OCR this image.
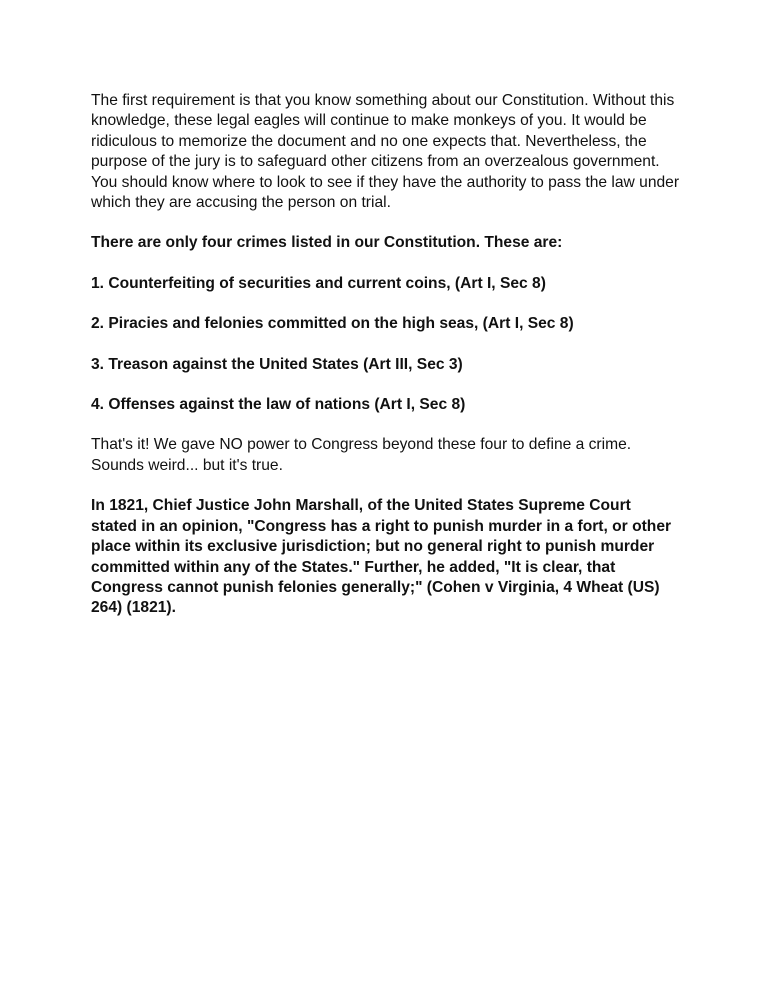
The first requirement is that you know something about our Constitution. Without this knowledge, these legal eagles will continue to make monkeys of you. It would be ridiculous to memorize the document and no one expects that. Nevertheless, the purpose of the jury is to safeguard other citizens from an overzealous government. You should know where to look to see if they have the authority to pass the law under which they are accusing the person on trial.

There are only four crimes listed in our Constitution. These are:

1. Counterfeiting of securities and current coins, (Art I, Sec 8)

2. Piracies and felonies committed on the high seas, (Art I, Sec 8)

3. Treason against the United States (Art III, Sec 3)

4. Offenses against the law of nations (Art I, Sec 8)

That's it! We gave NO power to Congress beyond these four to define a crime. Sounds weird... but it's true.

In 1821, Chief Justice John Marshall, of the United States Supreme Court stated in an opinion, "Congress has a right to punish murder in a fort, or other place within its exclusive jurisdiction; but no general right to punish murder committed within any of the States." Further, he added, "It is clear, that Congress cannot punish felonies generally;" (Cohen v Virginia, 4 Wheat (US) 264) (1821).
